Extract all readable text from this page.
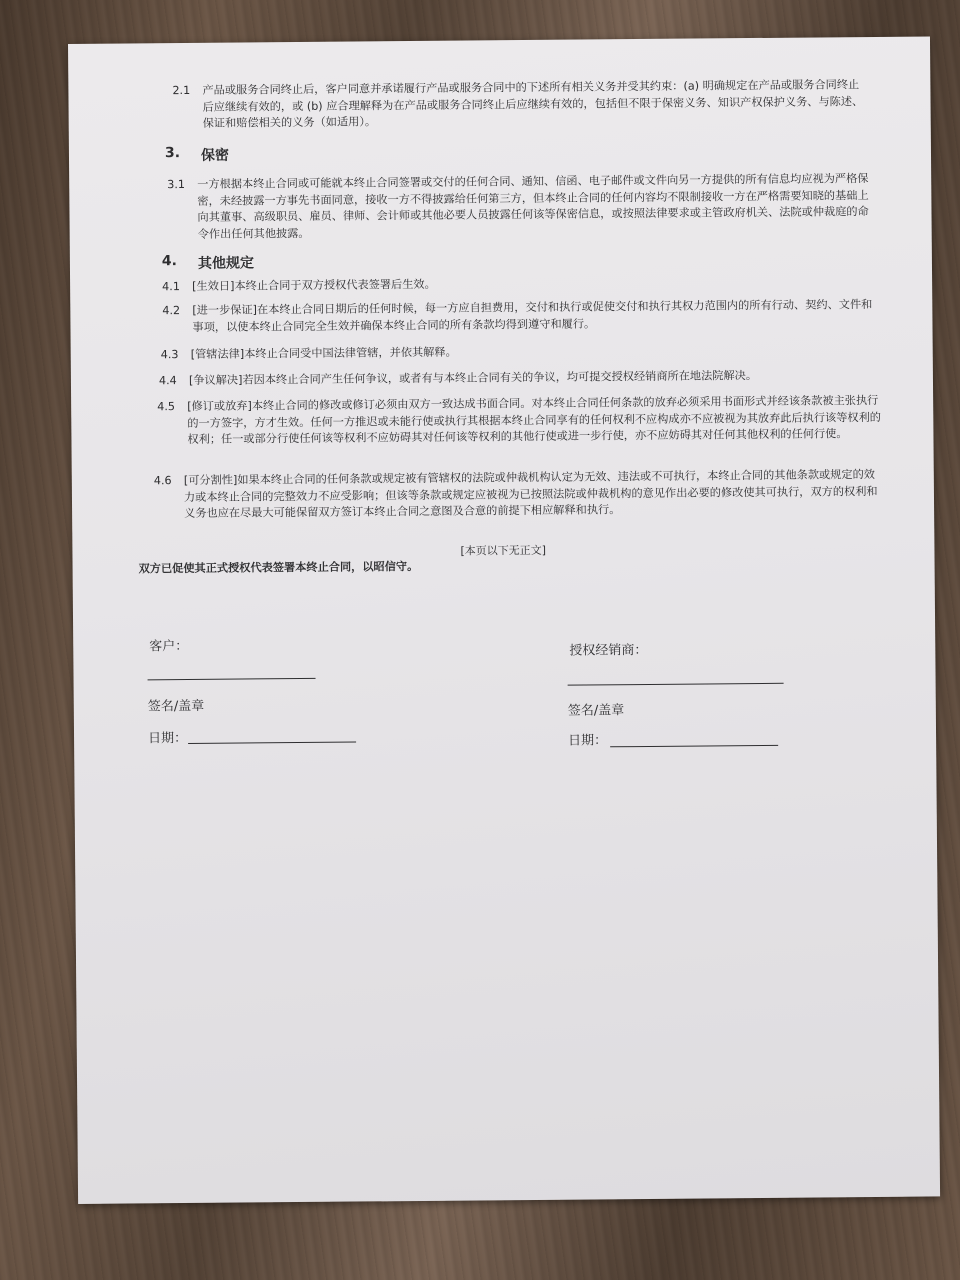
2.1 产品或服务合同终止后，客户同意并承诺履行产品或服务合同中的下述所有相关义务并受其约束：(a) 明确规定在产品或服务合同终止后应继续有效的，或 (b) 应合理解释为在产品或服务合同终止后应继续有效的，包括但不限于保密义务、知识产权保护义务、与陈述、保证和赔偿相关的义务（如适用）。
3. 保密
3.1 一方根据本终止合同或可能就本终止合同签署或交付的任何合同、通知、信函、电子邮件或文件向另一方提供的所有信息均应视为严格保密，未经披露一方事先书面同意，接收一方不得披露给任何第三方，但本终止合同的任何内容均不限制接收一方在严格需要知晓的基础上向其董事、高级职员、雇员、律师、会计师或其他必要人员披露任何该等保密信息，或按照法律要求或主管政府机关、法院或仲裁庭的命令作出任何其他披露。
4. 其他规定
4.1 [生效日]本终止合同于双方授权代表签署后生效。
4.2 [进一步保证]在本终止合同日期后的任何时候，每一方应自担费用，交付和执行或促使交付和执行其权力范围内的所有行动、契约、文件和事项，以使本终止合同完全生效并确保本终止合同的所有条款均得到遵守和履行。
4.3 [管辖法律]本终止合同受中国法律管辖，并依其解释。
4.4 [争议解决]若因本终止合同产生任何争议，或者有与本终止合同有关的争议，均可提交授权经销商所在地法院解决。
4.5 [修订或放弃]本终止合同的修改或修订必须由双方一致达成书面合同。对本终止合同任何条款的放弃必须采用书面形式并经该条款被主张执行的一方签字，方才生效。任何一方推迟或未能行使或执行其根据本终止合同享有的任何权利不应构成亦不应被视为其放弃此后执行该等权利的权利；任一或部分行使任何该等权利不应妨碍其对任何该等权利的其他行使或进一步行使，亦不应妨碍其对任何其他权利的任何行使。
4.6 [可分割性]如果本终止合同的任何条款或规定被有管辖权的法院或仲裁机构认定为无效、违法或不可执行，本终止合同的其他条款或规定的效力或本终止合同的完整效力不应受影响；但该等条款或规定应被视为已按照法院或仲裁机构的意见作出必要的修改使其可执行，双方的权利和义务也应在尽最大可能保留双方签订本终止合同之意图及合意的前提下相应解释和执行。
[本页以下无正文]
双方已促使其正式授权代表签署本终止合同，以昭信守。
客户：
签名/盖章
日期：
授权经销商：
签名/盖章
日期：
